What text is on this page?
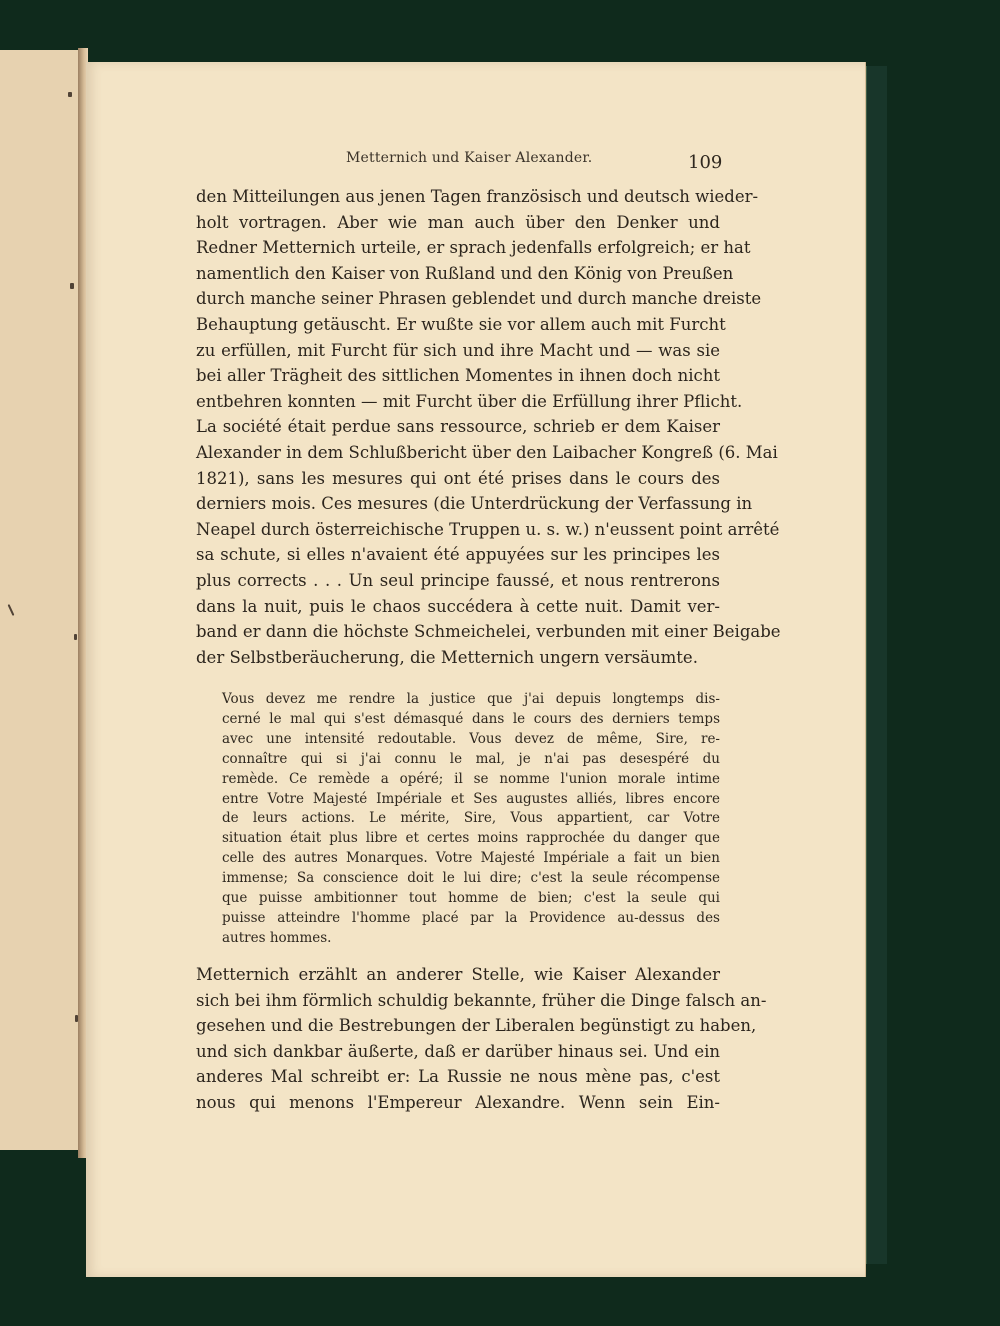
Metternich und Kaiser Alexander.	109
den Mitteilungen aus jenen Tagen französisch und deutsch wieder-
holt vortragen. Aber wie man auch über den Denker und
Redner Metternich urteile, er sprach jedenfalls erfolgreich; er hat
namentlich den Kaiser von Rußland und den König von Preußen
durch manche seiner Phrasen geblendet und durch manche dreiste
Behauptung getäuscht. Er wußte sie vor allem auch mit Furcht
zu erfüllen, mit Furcht für sich und ihre Macht und — was sie
bei aller Trägheit des sittlichen Momentes in ihnen doch nicht
entbehren konnten — mit Furcht über die Erfüllung ihrer Pflicht.
La société était perdue sans ressource, schrieb er dem Kaiser
Alexander in dem Schlußbericht über den Laibacher Kongreß (6. Mai
1821), sans les mesures qui ont été prises dans le cours des
derniers mois. Ces mesures (die Unterdrückung der Verfassung in
Neapel durch österreichische Truppen u. s. w.) n'eussent point arrêté
sa schute, si elles n'avaient été appuyées sur les principes les
plus corrects . . . Un seul principe faussé, et nous rentrerons
dans la nuit, puis le chaos succédera à cette nuit. Damit ver-
band er dann die höchste Schmeichelei, verbunden mit einer Beigabe
der Selbstberäucherung, die Metternich ungern versäumte.
Vous devez me rendre la justice que j'ai depuis longtemps dis-
cerné le mal qui s'est démasqué dans le cours des derniers temps
avec une intensité redoutable. Vous devez de même, Sire, re-
connaître qui si j'ai connu le mal, je n'ai pas desespéré du
remède. Ce remède a opéré; il se nomme l'union morale intime
entre Votre Majesté Impériale et Ses augustes alliés, libres encore
de leurs actions. Le mérite, Sire, Vous appartient, car Votre
situation était plus libre et certes moins rapprochée du danger que
celle des autres Monarques. Votre Majesté Impériale a fait un bien
immense; Sa conscience doit le lui dire; c'est la seule récompense
que puisse ambitionner tout homme de bien; c'est la seule qui
puisse atteindre l'homme placé par la Providence au-dessus des
autres hommes.
Metternich erzählt an anderer Stelle, wie Kaiser Alexander
sich bei ihm förmlich schuldig bekannte, früher die Dinge falsch an-
gesehen und die Bestrebungen der Liberalen begünstigt zu haben,
und sich dankbar äußerte, daß er darüber hinaus sei. Und ein
anderes Mal schreibt er: La Russie ne nous mène pas, c'est
nous qui menons l'Empereur Alexandre. Wenn sein Ein-
